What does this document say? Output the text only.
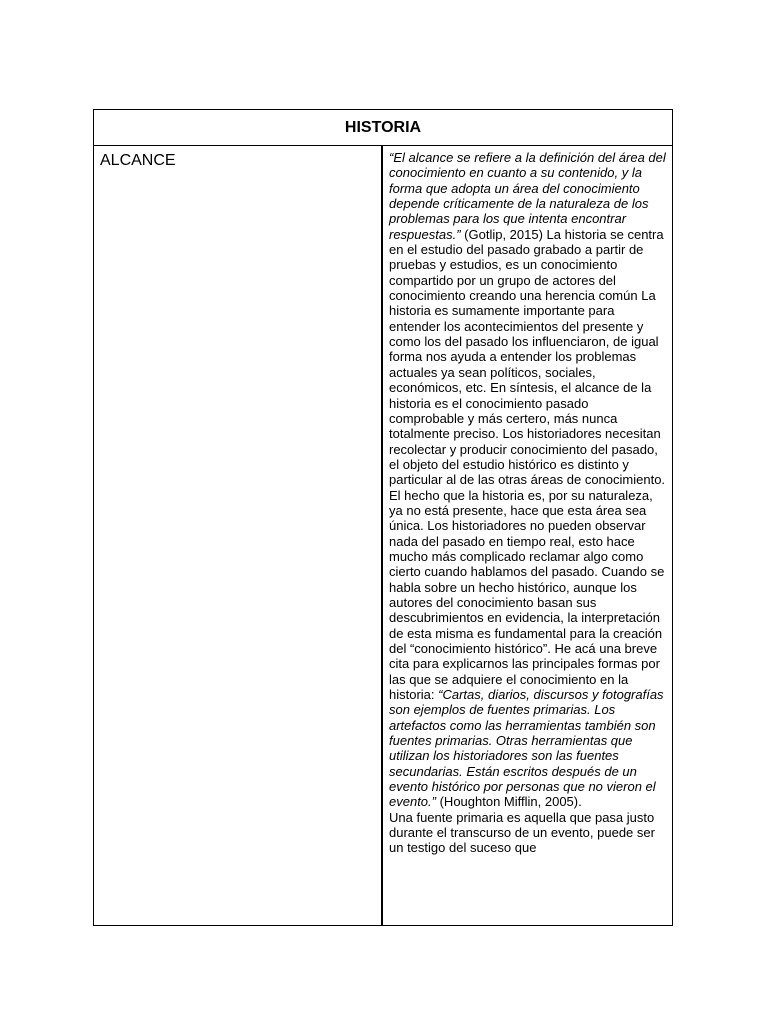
HISTORIA
ALCANCE	“El alcance se refiere a la definición del área del conocimiento en cuanto a su contenido, y la forma que adopta un área del conocimiento depende críticamente de la naturaleza de los problemas para los que intenta encontrar respuestas.” (Gotlip, 2015) La historia se centra en el estudio del pasado grabado a partir de pruebas y estudios, es un conocimiento compartido por un grupo de actores del conocimiento creando una herencia común La historia es sumamente importante para entender los acontecimientos del presente y como los del pasado los influenciaron, de igual forma nos ayuda a entender los problemas actuales ya sean políticos, sociales, económicos, etc. En síntesis, el alcance de la historia es el conocimiento pasado comprobable y más certero, más nunca totalmente preciso. Los historiadores necesitan recolectar y producir conocimiento del pasado, el objeto del estudio histórico es distinto y particular al de las otras áreas de conocimiento. El hecho que la historia es, por su naturaleza, ya no está presente, hace que esta área sea única. Los historiadores no pueden observar nada del pasado en tiempo real, esto hace mucho más complicado reclamar algo como cierto cuando hablamos del pasado. Cuando se habla sobre un hecho histórico, aunque los autores del conocimiento basan sus descubrimientos en evidencia, la interpretación de esta misma es fundamental para la creación del “conocimiento histórico”. He acá una breve cita para explicarnos las principales formas por las que se adquiere el conocimiento en la historia: “Cartas, diarios, discursos y fotografías son ejemplos de fuentes primarias. Los artefactos como las herramientas también son fuentes primarias. Otras herramientas que utilizan los historiadores son las fuentes secundarias. Están escritos después de un evento histórico por personas que no vieron el evento.” (Houghton Mifflin, 2005).

Una fuente primaria es aquella que pasa justo durante el transcurso de un evento, puede ser un testigo del suceso que
